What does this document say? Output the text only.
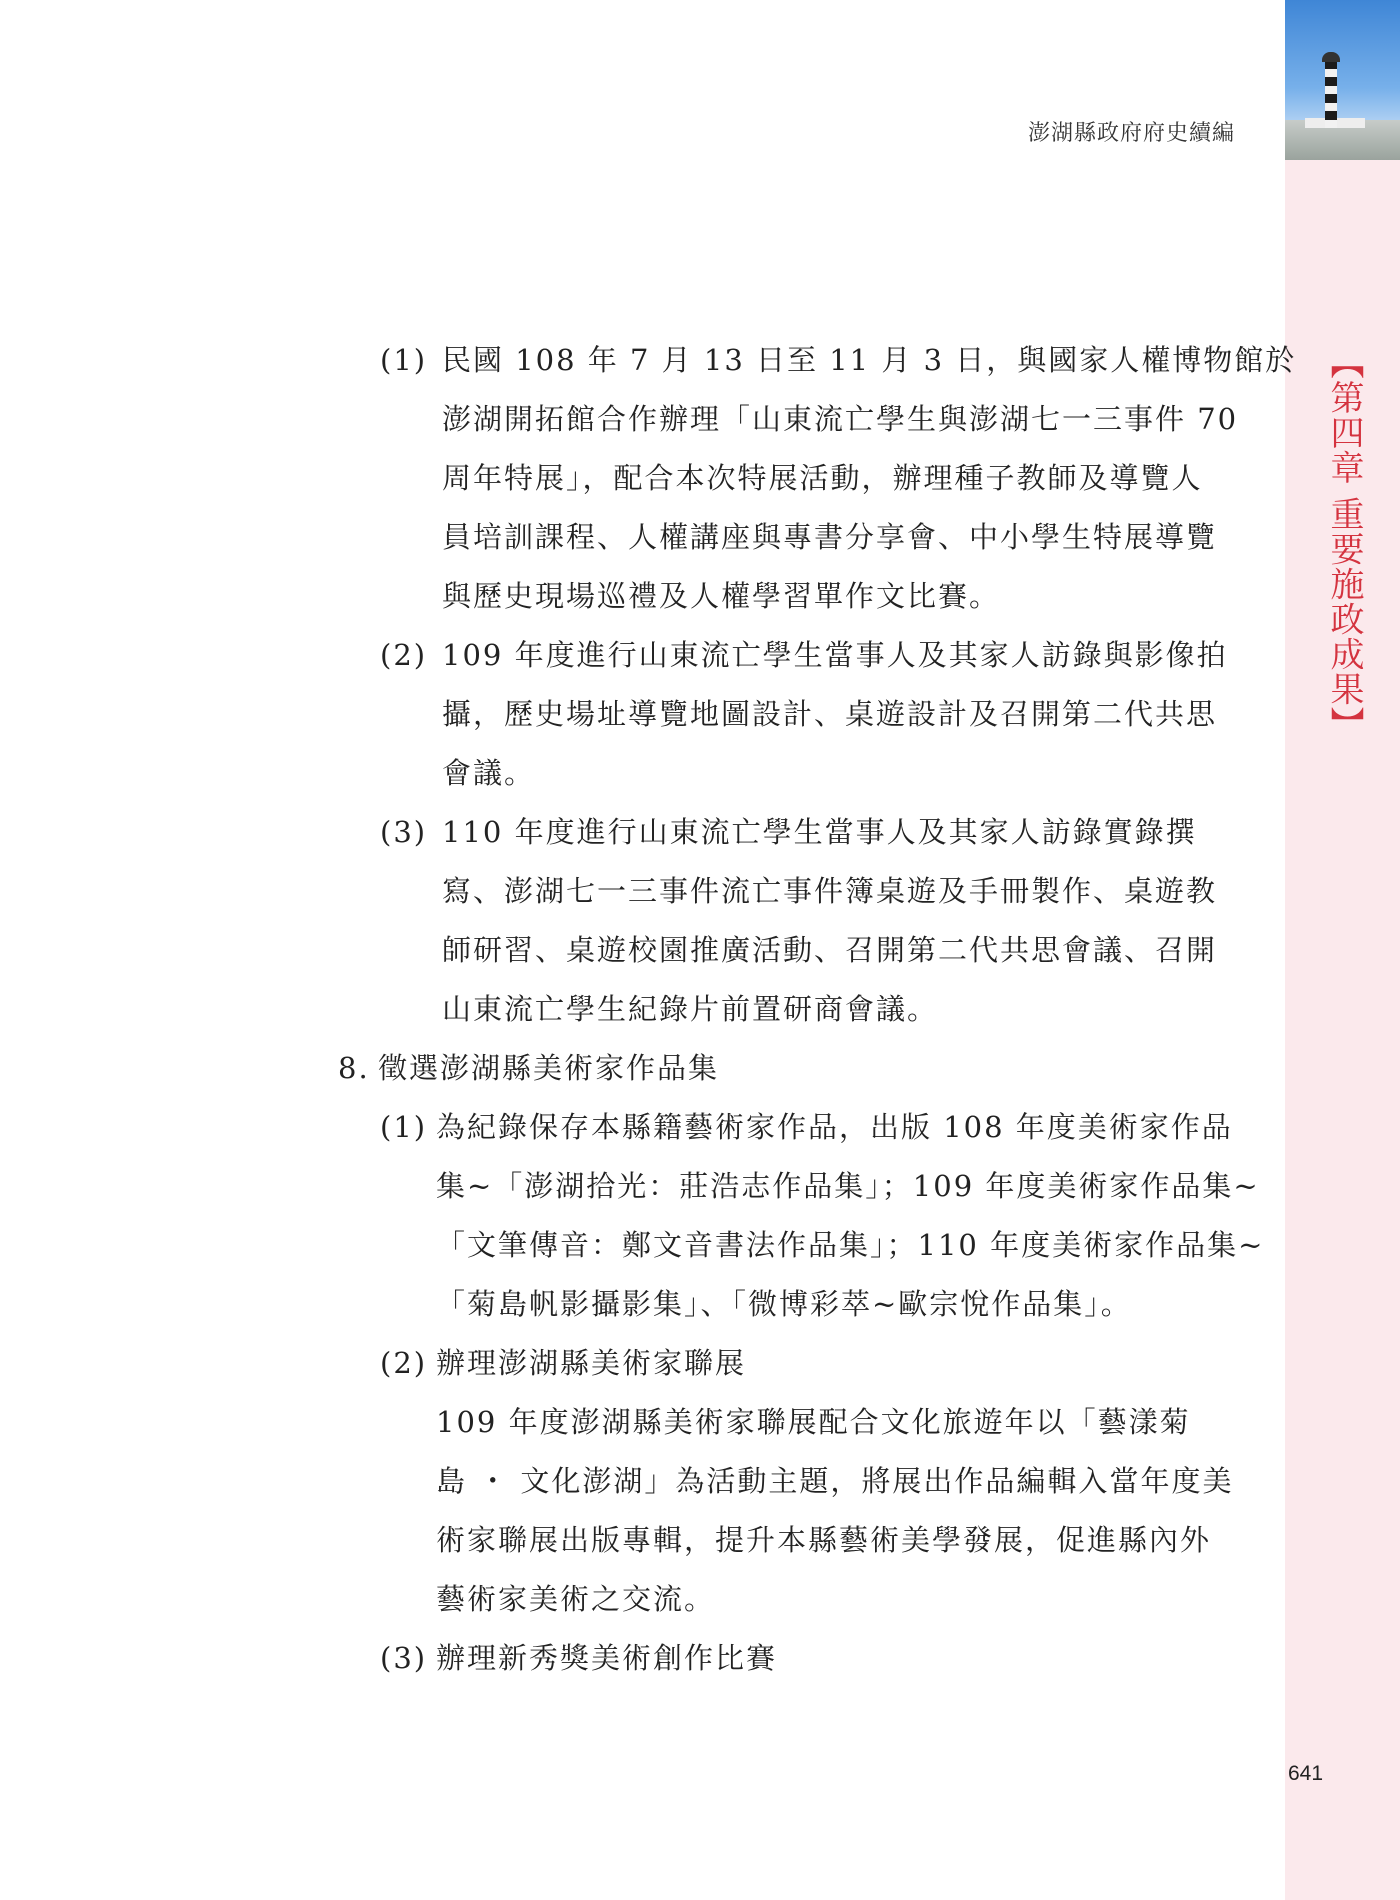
【第四章 重要施政成果】
澎湖縣政府府史續編
(1) 民國 108 年 7 月 13 日至 11 月 3 日，與國家人權博物館於
澎湖開拓館合作辦理「山東流亡學生與澎湖七一三事件 70
周年特展」，配合本次特展活動，辦理種子教師及導覽人
員培訓課程、人權講座與專書分享會、中小學生特展導覽
與歷史現場巡禮及人權學習單作文比賽。
(2) 109 年度進行山東流亡學生當事人及其家人訪錄與影像拍
攝，歷史場址導覽地圖設計、桌遊設計及召開第二代共思
會議。
(3) 110 年度進行山東流亡學生當事人及其家人訪錄實錄撰
寫、澎湖七一三事件流亡事件簿桌遊及手冊製作、桌遊教
師研習、桌遊校園推廣活動、召開第二代共思會議、召開
山東流亡學生紀錄片前置研商會議。
8. 徵選澎湖縣美術家作品集
(1) 為紀錄保存本縣籍藝術家作品，出版 108 年度美術家作品
集~「澎湖拾光：莊浩志作品集」；109 年度美術家作品集~
「文筆傳音：鄭文音書法作品集」；110 年度美術家作品集~
「菊島帆影攝影集」、「微博彩萃~歐宗悅作品集」。
(2) 辦理澎湖縣美術家聯展
109 年度澎湖縣美術家聯展配合文化旅遊年以「藝漾菊
島 ・ 文化澎湖」為活動主題，將展出作品編輯入當年度美
術家聯展出版專輯，提升本縣藝術美學發展，促進縣內外
藝術家美術之交流。
(3) 辦理新秀獎美術創作比賽
641
